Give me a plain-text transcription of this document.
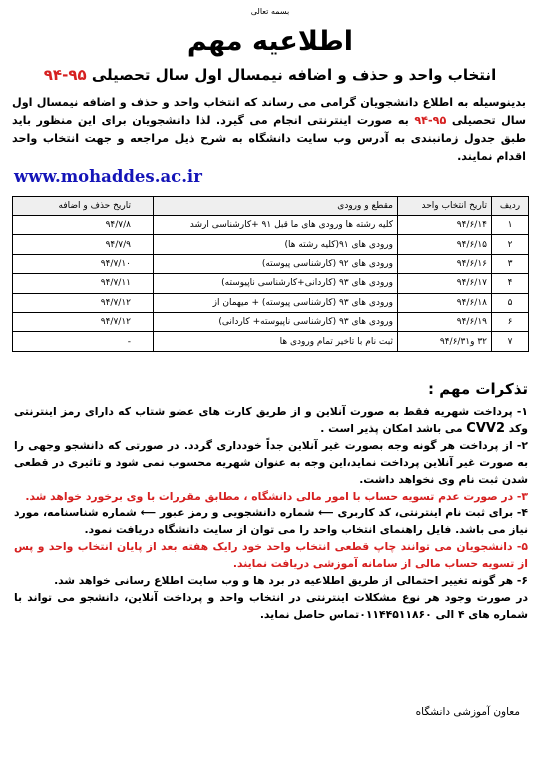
بسمه تعالی
اطلاعیه مهم
انتخاب واحد و حذف و اضافه نیمسال اول سال تحصیلی ۹۵-۹۴
بدینوسیله به اطلاع دانشجویان گرامی می رساند که انتخاب واحد و حذف و اضافه نیمسال اول سال تحصیلی ۹۵-۹۴ به صورت اینترنتی انجام می گیرد. لذا دانشجویان برای این منظور باید طبق جدول زمانبندی به آدرس وب سایت دانشگاه به شرح ذیل مراجعه و جهت انتخاب واحد اقدام نمایند.
www.mohaddes.ac.ir
ردیف	تاریخ انتخاب واحد	مقطع و ورودی	تاریخ حذف و اضافه
۱	۹۴/۶/۱۴	کلیه رشته ها ورودی های ما قبل ۹۱ +کارشناسی ارشد	۹۴/۷/۸
۲	۹۴/۶/۱۵	ورودی های ۹۱(کلیه رشته ها)	۹۴/۷/۹
۳	۹۴/۶/۱۶	ورودی های ۹۲ (کارشناسی پیوسته)	۹۴/۷/۱۰
۴	۹۴/۶/۱۷	ورودی های ۹۳ (کاردانی+کارشناسی ناپیوسته)	۹۴/۷/۱۱
۵	۹۴/۶/۱۸	ورودی های ۹۳ (کارشناسی پیوسته) + میهمان از	۹۴/۷/۱۲
۶	۹۴/۶/۱۹	ورودی های ۹۳ (کارشناسی ناپیوسته+ کاردانی)	۹۴/۷/۱۲
۷	۳۲ و۹۴/۶/۳۱	ثبت نام با تاخیر تمام ورودی ها	-
تذکرات مهم :

۱- پرداخت شهریه فقط به صورت آنلاین و از طریق کارت های عضو شتاب که دارای رمز اینترنتی وکد CVV2 می باشد امکان پذیر است .

۲- از پرداخت هر گونه وجه بصورت غیر آنلاین جداً خودداری گردد. در صورتی که دانشجو وجهی را به صورت غیر آنلاین پرداخت نماید،این وجه به عنوان شهریه محسوب نمی شود و تاثیری در قطعی شدن ثبت نام وی نخواهد داشت.

۳- در صورت عدم تسویه حساب با امور مالی دانشگاه ، مطابق مقررات با وی برخورد خواهد شد.

۴- برای ثبت نام اینترنتی، کد کاربری ⟵ شماره دانشجویی و رمز عبور ⟵ شماره شناسنامه، مورد نیاز می باشد. فایل راهنمای انتخاب واحد را می توان از سایت دانشگاه دریافت نمود.

۵- دانشجویان می توانند چاپ قطعی انتخاب واحد خود رایک هفته بعد از پایان انتخاب واحد و پس از تسویه حساب مالی از سامانه آموزشی دریافت نمایند.

۶- هر گونه تغییر احتمالی از طریق اطلاعیه در برد ها و وب سایت اطلاع رسانی خواهد شد.

در صورت وجود هر نوع مشکلات اینترنتی در انتخاب واحد و پرداخت آنلاین، دانشجو می تواند با شماره های ۴ الی ۰۱۱۴۴۵۱۱۸۶۰تماس حاصل نماید.

معاون آموزشی دانشگاه
